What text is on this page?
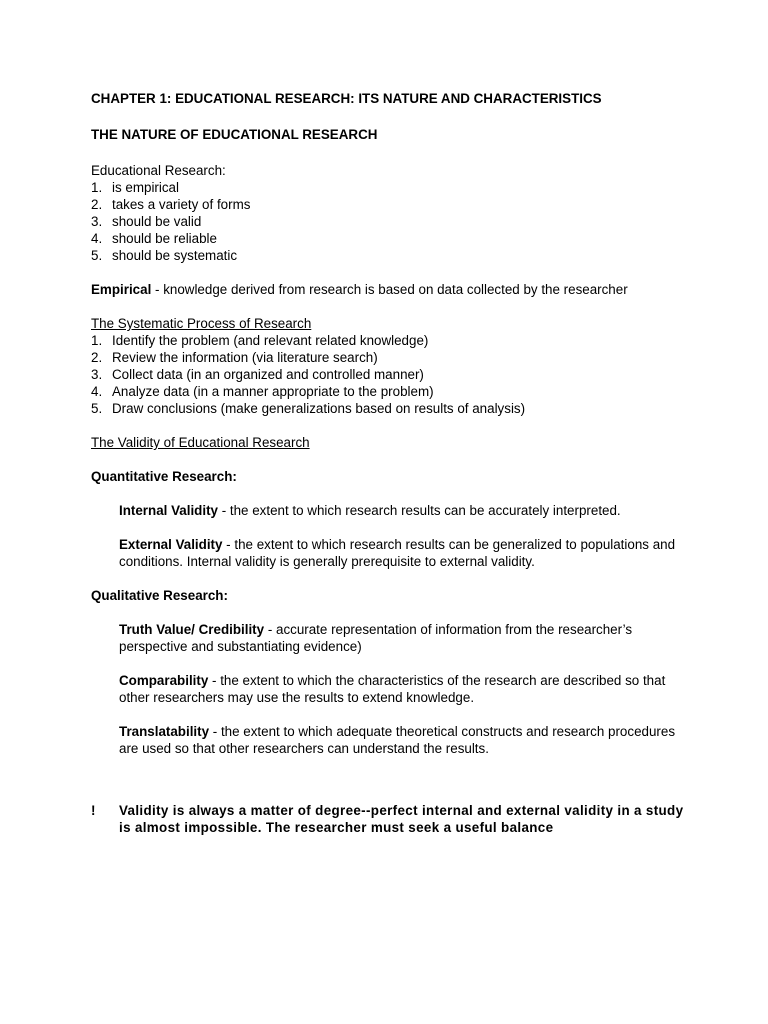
CHAPTER 1: EDUCATIONAL RESEARCH: ITS NATURE AND CHARACTERISTICS
THE NATURE OF EDUCATIONAL RESEARCH
Educational Research:
1. is empirical
2. takes a variety of forms
3. should be valid
4. should be reliable
5. should be systematic
Empirical - knowledge derived from research is based on data collected by the researcher
The Systematic Process of Research
1. Identify the problem (and relevant related knowledge)
2. Review the information (via literature search)
3. Collect data (in an organized and controlled manner)
4. Analyze data (in a manner appropriate to the problem)
5. Draw conclusions (make generalizations based on results of analysis)
The Validity of Educational Research
Quantitative Research:
Internal Validity - the extent to which research results can be accurately interpreted.
External Validity - the extent to which research results can be generalized to populations and conditions. Internal validity is generally prerequisite to external validity.
Qualitative Research:
Truth Value/ Credibility - accurate representation of information from the researcher’s perspective and substantiating evidence)
Comparability - the extent to which the characteristics of the research are described so that other researchers may use the results to extend knowledge.
Translatability - the extent to which adequate theoretical constructs and research procedures are used so that other researchers can understand the results.
!	Validity is always a matter of degree--perfect internal and external validity in a study is almost impossible. The researcher must seek a useful balance
